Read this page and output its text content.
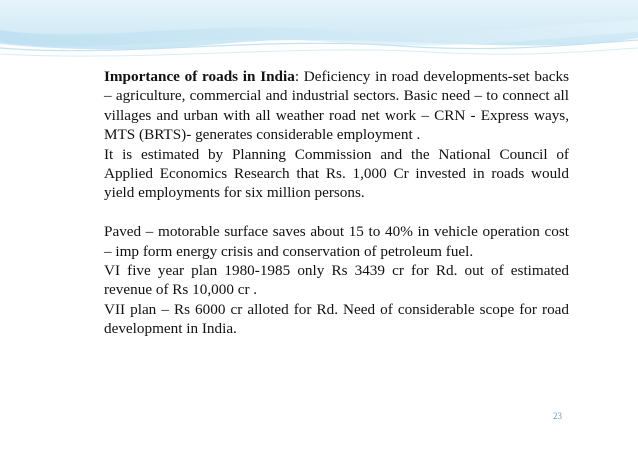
Importance of roads in India: Deficiency in road developments-set backs – agriculture, commercial and industrial sectors. Basic need – to connect all villages and urban with all weather road net work – CRN - Express ways, MTS (BRTS)- generates considerable employment .

It is estimated by Planning Commission and the National Council of Applied Economics Research that Rs. 1,000 Cr invested in roads would yield employments for six million persons.

Paved – motorable surface saves about 15 to 40% in vehicle operation cost – imp form energy crisis and conservation of petroleum fuel.

VI five year plan 1980-1985 only Rs 3439 cr for Rd. out of estimated revenue of Rs 10,000 cr .

VII plan – Rs 6000 cr alloted for Rd. Need of considerable scope for road development in India.

23
